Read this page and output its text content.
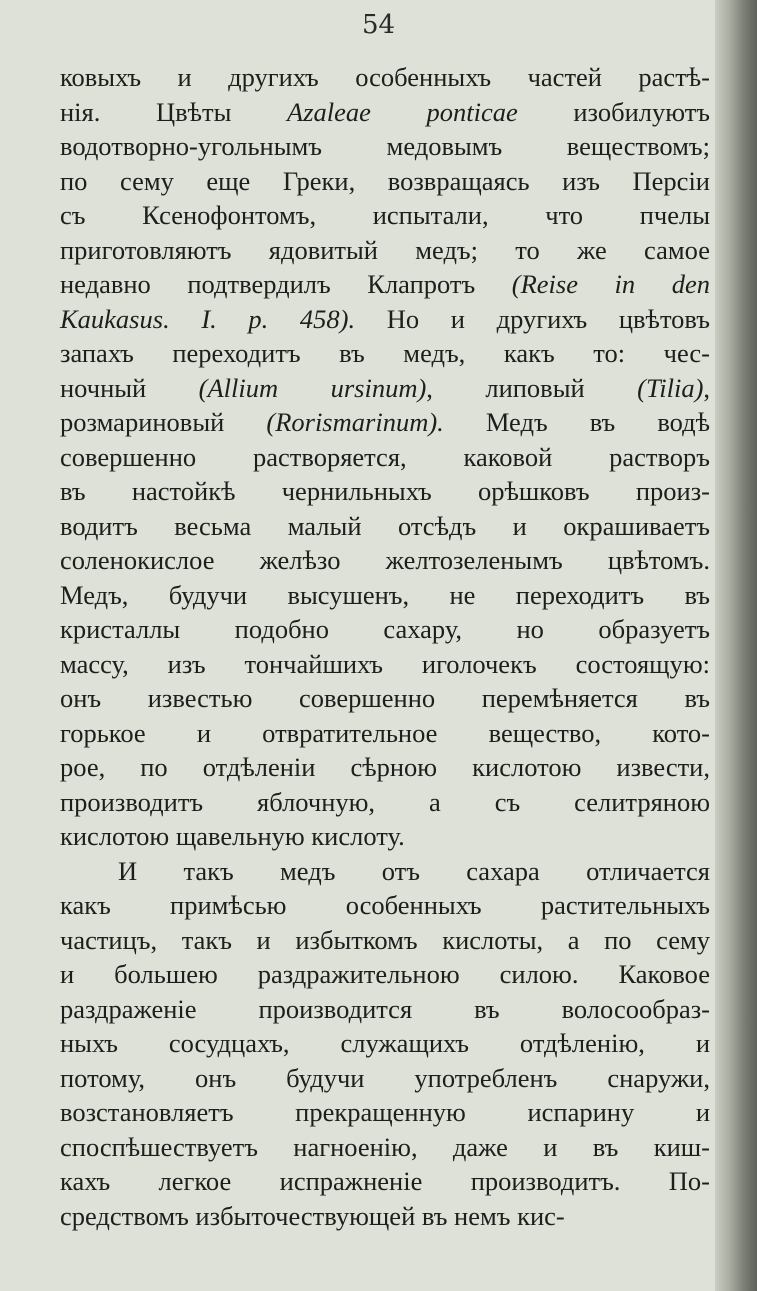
54
ковыхъ и другихъ особенныхъ частей растѣ-
нія. Цвѣты Azaleae ponticae изобилуютъ
водотворно-угольнымъ медовымъ веществомъ;
по сему еще Греки, возвращаясь изъ Персіи
съ Ксенофонтомъ, испытали, что пчелы
приготовляютъ ядовитый медъ; то же самое
недавно подтвердилъ Клапротъ (Reise in den
Kaukasus. I. p. 458). Но и другихъ цвѣтовъ
запахъ переходитъ въ медъ, какъ то: чес-
ночный (Allium ursinum), липовый (Tilia),
розмариновый (Rorismarinum). Медъ въ водѣ
совершенно растворяется, каковой растворъ
въ настойкѣ чернильныхъ орѣшковъ произ-
водитъ весьма малый отсѣдъ и окрашиваетъ
соленокислое желѣзо желтозеленымъ цвѣтомъ.
Медъ, будучи высушенъ, не переходитъ въ
кристаллы подобно сахару, но образуетъ
массу, изъ тончайшихъ иголочекъ состоящую:
онъ известью совершенно перемѣняется въ
горькое и отвратительное вещество, кото-
рое, по отдѣленіи сѣрною кислотою извести,
производитъ яблочную, а съ селитряною
кислотою щавельную кислоту.
И такъ медъ отъ сахара отличается
какъ примѣсью особенныхъ растительныхъ
частицъ, такъ и избыткомъ кислоты, а по сему
и большею раздражительною силою. Каковое
раздраженіе производится въ волосообраз-
ныхъ сосудцахъ, служащихъ отдѣленію, и
потому, онъ будучи употребленъ снаружи,
возстановляетъ прекращенную испарину и
споспѣшествуетъ нагноенію, даже и въ киш-
кахъ легкое испражненіе производитъ. По-
средствомъ избыточествующей въ немъ кис-
